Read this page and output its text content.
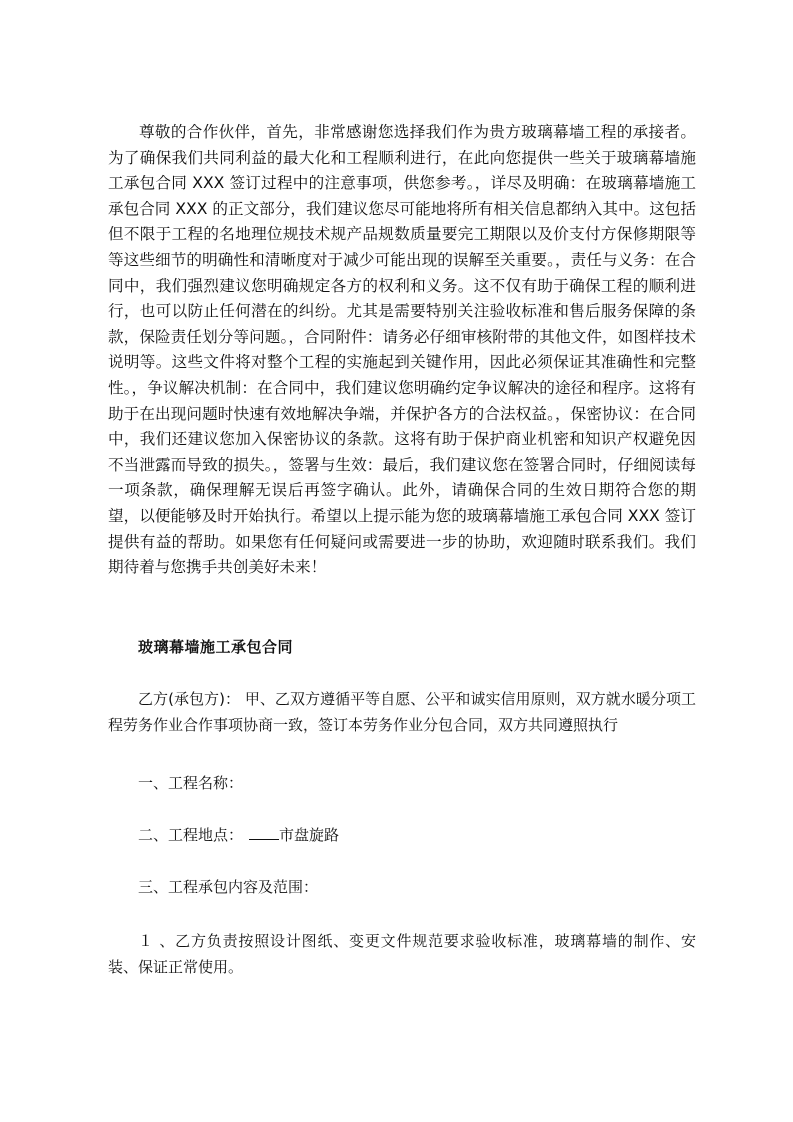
尊敬的合作伙伴，首先，非常感谢您选择我们作为贵方玻璃幕墙工程的承接者。为了确保我们共同利益的最大化和工程顺利进行，在此向您提供一些关于玻璃幕墙施工承包合同 XXX 签订过程中的注意事项，供您参考。，详尽及明确：在玻璃幕墙施工承包合同 XXX 的正文部分，我们建议您尽可能地将所有相关信息都纳入其中。这包括但不限于工程的名地理位规技术规产品规数质量要完工期限以及价支付方保修期限等等这些细节的明确性和清晰度对于减少可能出现的误解至关重要。，责任与义务：在合同中，我们强烈建议您明确规定各方的权利和义务。这不仅有助于确保工程的顺利进行，也可以防止任何潜在的纠纷。尤其是需要特别关注验收标准和售后服务保障的条款，保险责任划分等问题。，合同附件：请务必仔细审核附带的其他文件，如图样技术说明等。这些文件将对整个工程的实施起到关键作用，因此必须保证其准确性和完整性。，争议解决机制：在合同中，我们建议您明确约定争议解决的途径和程序。这将有助于在出现问题时快速有效地解决争端，并保护各方的合法权益。，保密协议：在合同中，我们还建议您加入保密协议的条款。这将有助于保护商业机密和知识产权避免因不当泄露而导致的损失。，签署与生效：最后，我们建议您在签署合同时，仔细阅读每一项条款，确保理解无误后再签字确认。此外，请确保合同的生效日期符合您的期望，以便能够及时开始执行。希望以上提示能为您的玻璃幕墙施工承包合同 XXX 签订提供有益的帮助。如果您有任何疑问或需要进一步的协助，欢迎随时联系我们。我们期待着与您携手共创美好未来！

玻璃幕墙施工承包合同

乙方(承包方)： 甲、乙双方遵循平等自愿、公平和诚实信用原则，双方就水暖分项工程劳务作业合作事项协商一致，签订本劳务作业分包合同，双方共同遵照执行

一、工程名称：

二、工程地点： 市盘旋路

三、工程承包内容及范围：

１ 、乙方负责按照设计图纸、变更文件规范要求验收标准，玻璃幕墙的制作、安装、保证正常使用。
